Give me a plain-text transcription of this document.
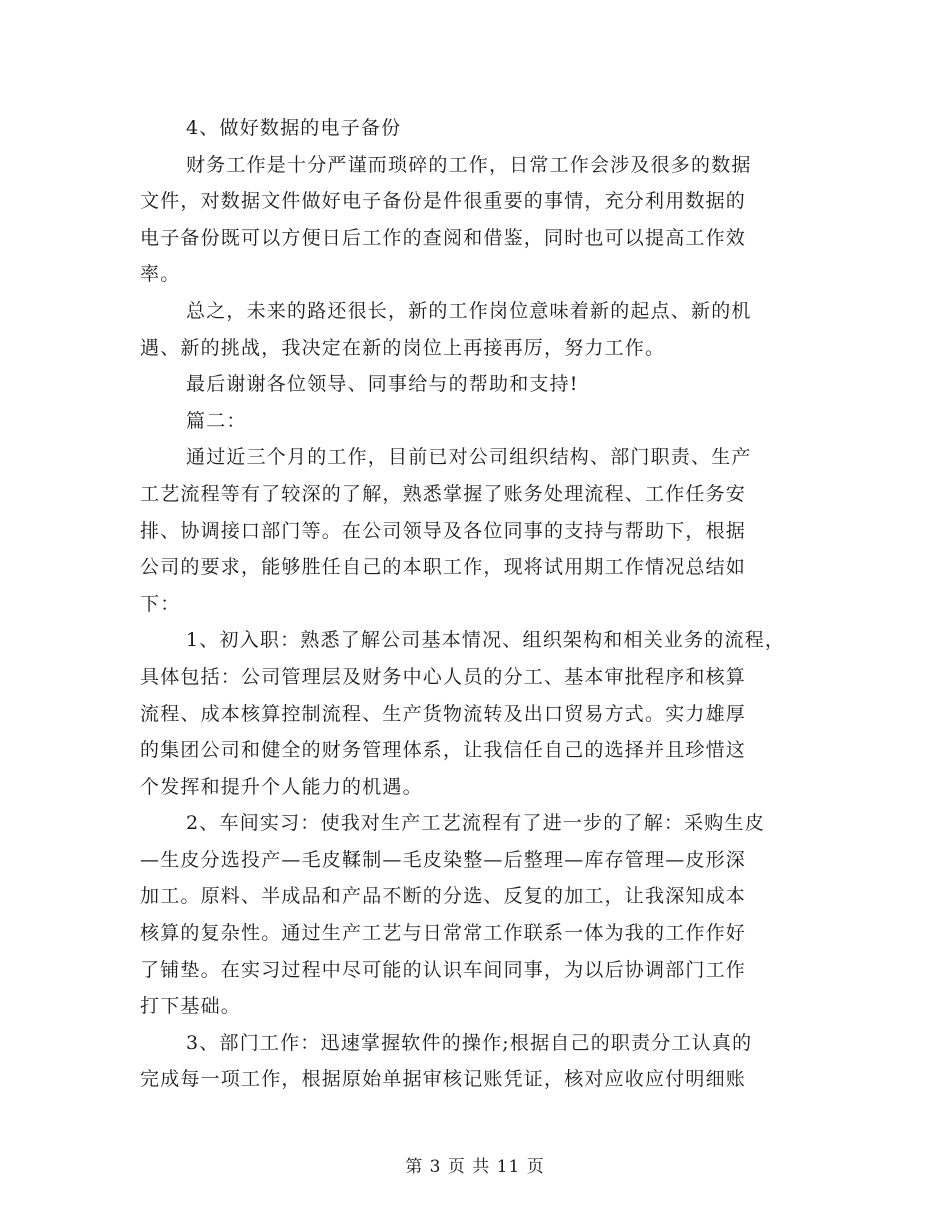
4、做好数据的电子备份
财务工作是十分严谨而琐碎的工作，日常工作会涉及很多的数据
文件，对数据文件做好电子备份是件很重要的事情，充分利用数据的
电子备份既可以方便日后工作的查阅和借鉴，同时也可以提高工作效
率。
总之，未来的路还很长，新的工作岗位意味着新的起点、新的机
遇、新的挑战，我决定在新的岗位上再接再厉，努力工作。
最后谢谢各位领导、同事给与的帮助和支持!
篇二：
通过近三个月的工作，目前已对公司组织结构、部门职责、生产
工艺流程等有了较深的了解，熟悉掌握了账务处理流程、工作任务安
排、协调接口部门等。在公司领导及各位同事的支持与帮助下，根据
公司的要求，能够胜任自己的本职工作，现将试用期工作情况总结如
下：
1、初入职：熟悉了解公司基本情况、组织架构和相关业务的流程，
具体包括：公司管理层及财务中心人员的分工、基本审批程序和核算
流程、成本核算控制流程、生产货物流转及出口贸易方式。实力雄厚
的集团公司和健全的财务管理体系，让我信任自己的选择并且珍惜这
个发挥和提升个人能力的机遇。
2、车间实习：使我对生产工艺流程有了进一步的了解：采购生皮
—生皮分选投产—毛皮鞣制—毛皮染整—后整理—库存管理—皮形深
加工。原料、半成品和产品不断的分选、反复的加工，让我深知成本
核算的复杂性。通过生产工艺与日常常工作联系一体为我的工作作好
了铺垫。在实习过程中尽可能的认识车间同事，为以后协调部门工作
打下基础。
3、部门工作：迅速掌握软件的操作;根据自己的职责分工认真的
完成每一项工作，根据原始单据审核记账凭证，核对应收应付明细账
第 3 页 共 11 页
